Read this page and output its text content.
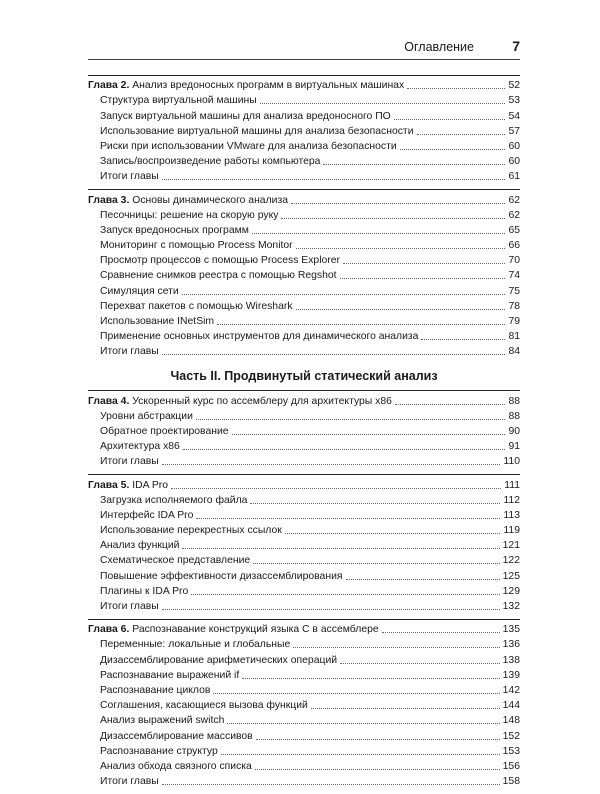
Оглавление	7
Глава 2. Анализ вредоносных программ в виртуальных машинах	52
Структура виртуальной машины	53
Запуск виртуальной машины для анализа вредоносного ПО	54
Использование виртуальной машины для анализа безопасности	57
Риски при использовании VMware для анализа безопасности	60
Запись/воспроизведение работы компьютера	60
Итоги главы	61
Глава 3. Основы динамического анализа	62
Песочницы: решение на скорую руку	62
Запуск вредоносных программ	65
Мониторинг с помощью Process Monitor	66
Просмотр процессов с помощью Process Explorer	70
Сравнение снимков реестра с помощью Regshot	74
Симуляция сети	75
Перехват пакетов с помощью Wireshark	78
Использование INetSim	79
Применение основных инструментов для динамического анализа	81
Итоги главы	84
Часть II. Продвинутый статический анализ
Глава 4. Ускоренный курс по ассемблеру для архитектуры x86	88
Уровни абстракции	88
Обратное проектирование	90
Архитектура x86	91
Итоги главы	110
Глава 5. IDA Pro	111
Загрузка исполняемого файла	112
Интерфейс IDA Pro	113
Использование перекрестных ссылок	119
Анализ функций	121
Схематическое представление	122
Повышение эффективности дизассемблирования	125
Плагины к IDA Pro	129
Итоги главы	132
Глава 6. Распознавание конструкций языка C в ассемблере	135
Переменные: локальные и глобальные	136
Дизассемблирование арифметических операций	138
Распознавание выражений if	139
Распознавание циклов	142
Соглашения, касающиеся вызова функций	144
Анализ выражений switch	148
Дизассемблирование массивов	152
Распознавание структур	153
Анализ обхода связного списка	156
Итоги главы	158
